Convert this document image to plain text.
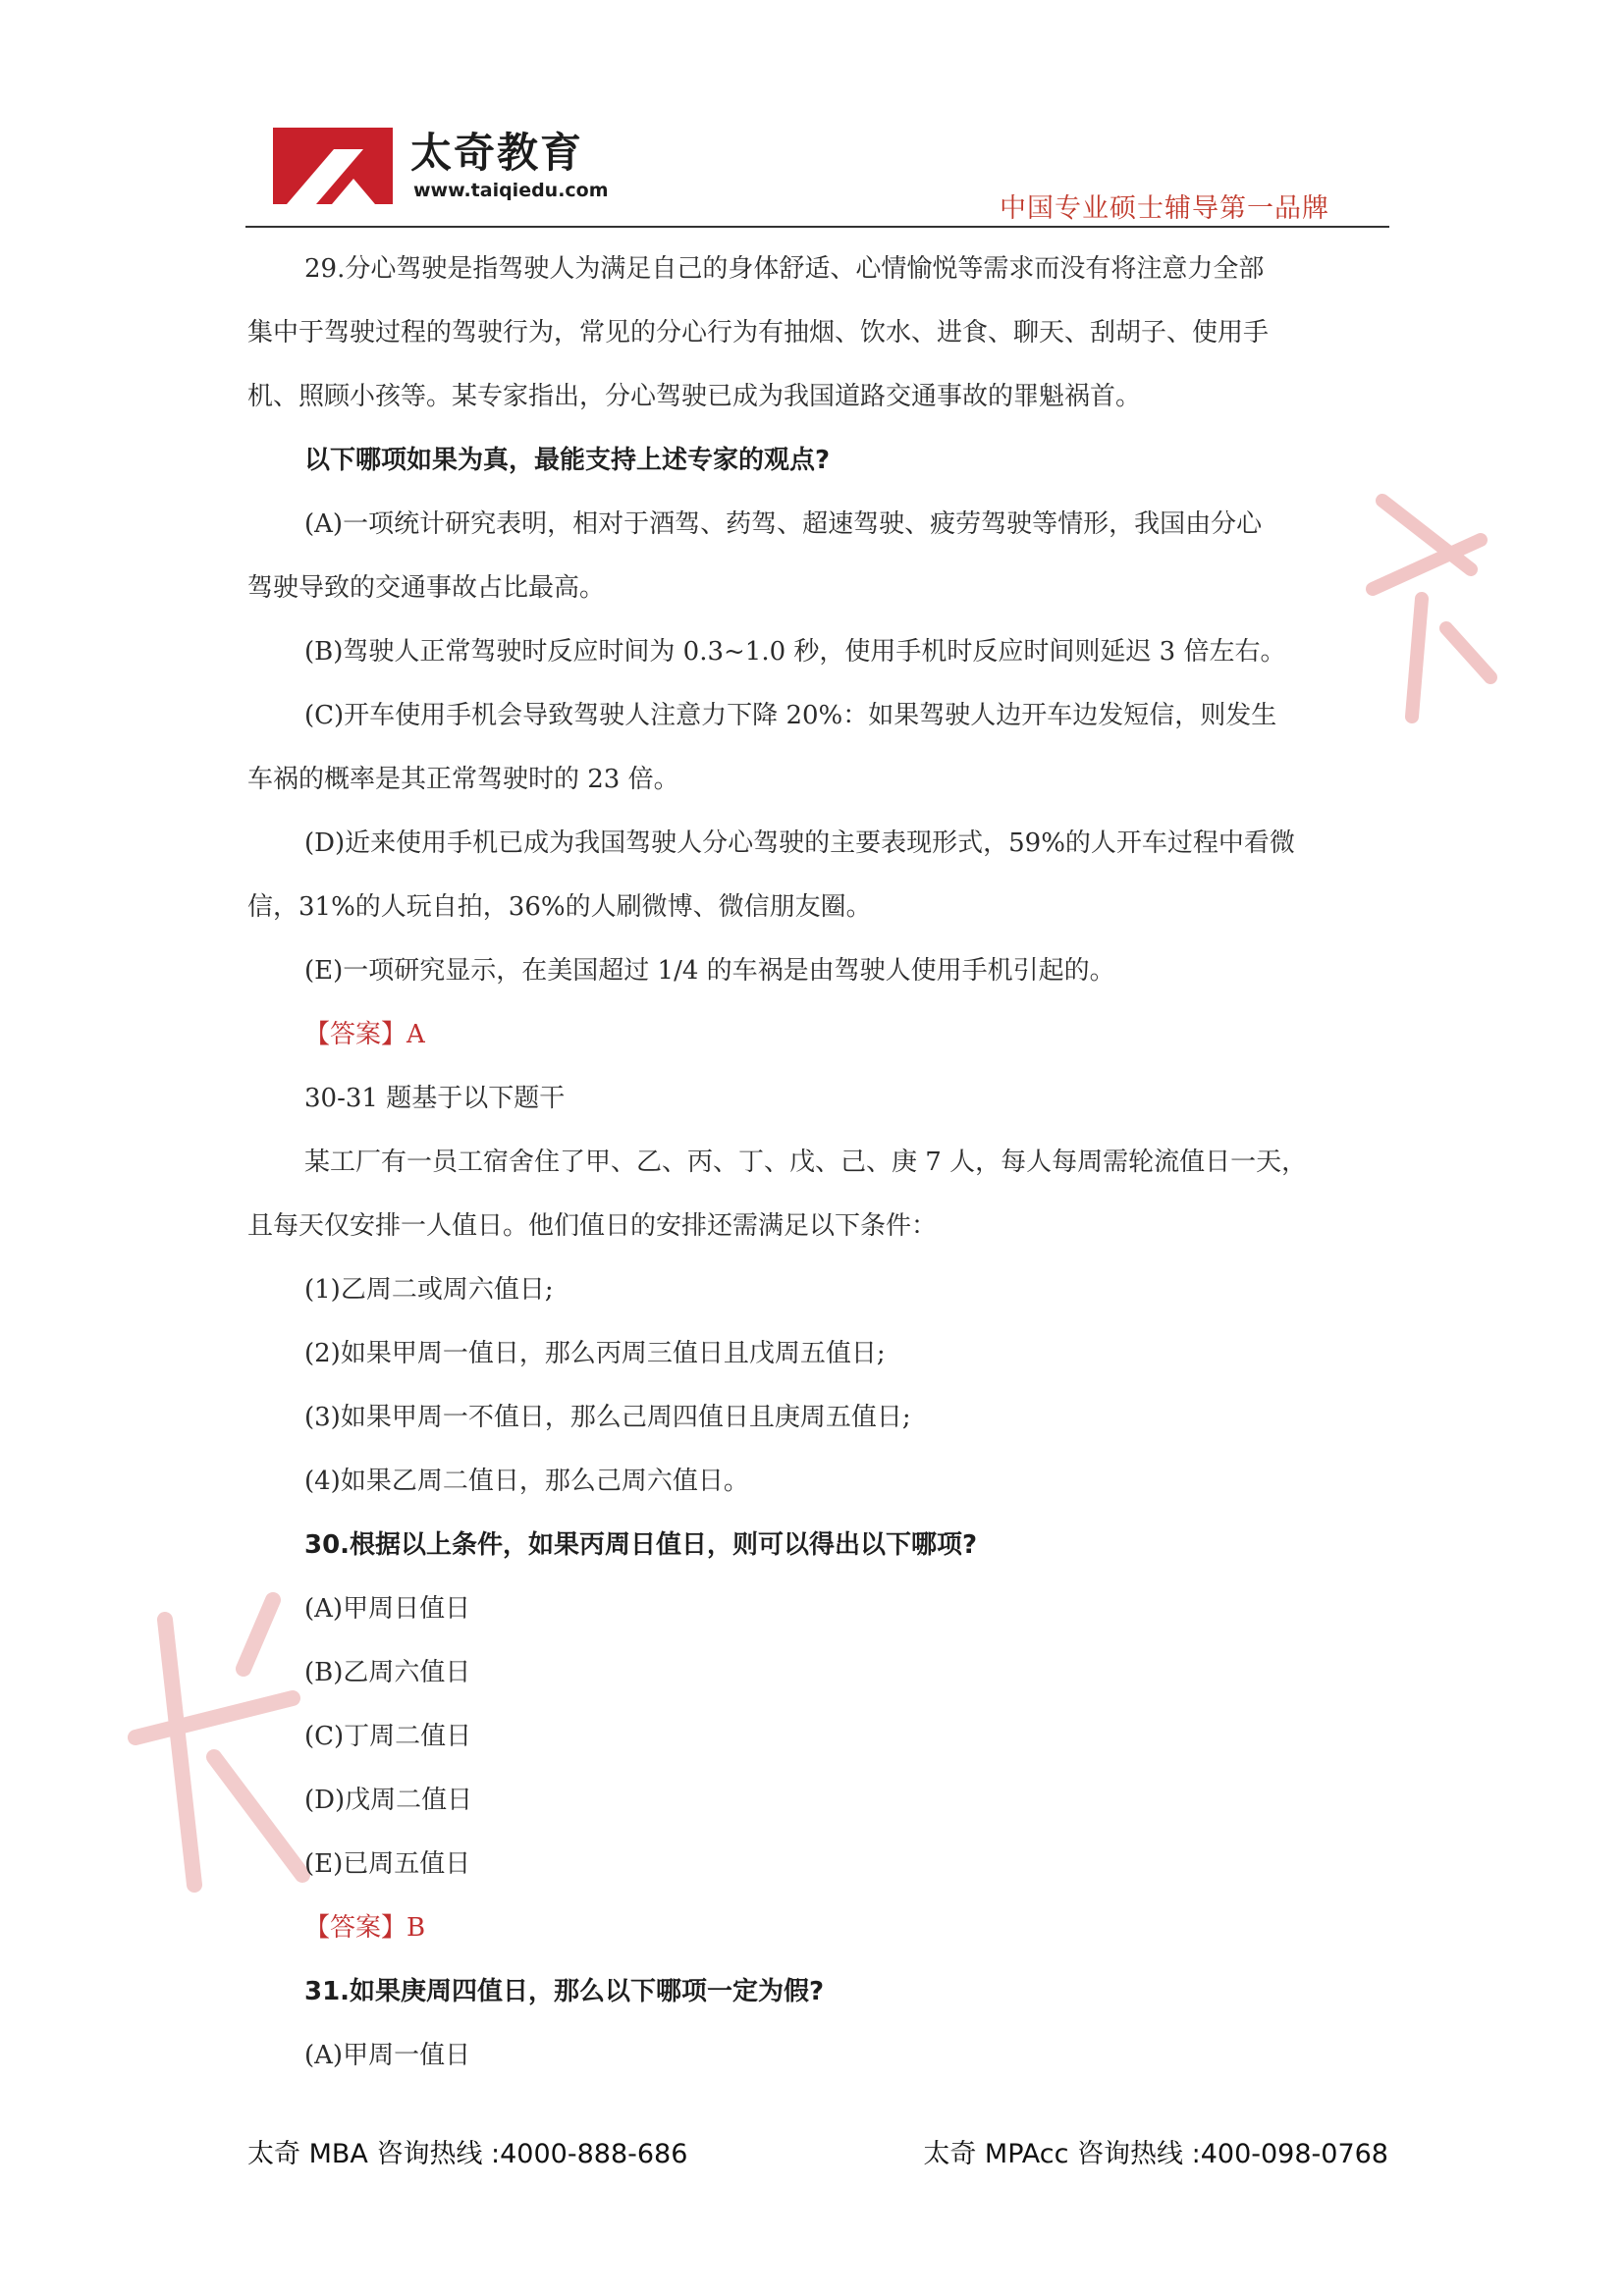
太奇教育
www.taiqiedu.com
中国专业硕士辅导第一品牌
29.分心驾驶是指驾驶人为满足自己的身体舒适、心情愉悦等需求而没有将注意力全部
集中于驾驶过程的驾驶行为，常见的分心行为有抽烟、饮水、进食、聊天、刮胡子、使用手
机、照顾小孩等。某专家指出，分心驾驶已成为我国道路交通事故的罪魁祸首。
以下哪项如果为真，最能支持上述专家的观点?
(A)一项统计研究表明，相对于酒驾、药驾、超速驾驶、疲劳驾驶等情形，我国由分心
驾驶导致的交通事故占比最高。
(B)驾驶人正常驾驶时反应时间为 0.3~1.0 秒，使用手机时反应时间则延迟 3 倍左右。
(C)开车使用手机会导致驾驶人注意力下降 20%：如果驾驶人边开车边发短信，则发生
车祸的概率是其正常驾驶时的 23 倍。
(D)近来使用手机已成为我国驾驶人分心驾驶的主要表现形式，59%的人开车过程中看微
信，31%的人玩自拍，36%的人刷微博、微信朋友圈。
(E)一项研究显示，在美国超过 1/4 的车祸是由驾驶人使用手机引起的。
【答案】A
30-31 题基于以下题干
某工厂有一员工宿舍住了甲、乙、丙、丁、戊、己、庚 7 人，每人每周需轮流值日一天，
且每天仅安排一人值日。他们值日的安排还需满足以下条件：
(1)乙周二或周六值日;
(2)如果甲周一值日，那么丙周三值日且戊周五值日;
(3)如果甲周一不值日，那么己周四值日且庚周五值日;
(4)如果乙周二值日，那么己周六值日。
30.根据以上条件，如果丙周日值日，则可以得出以下哪项?
(A)甲周日值日
(B)乙周六值日
(C)丁周二值日
(D)戊周二值日
(E)已周五值日
【答案】B
31.如果庚周四值日，那么以下哪项一定为假?
(A)甲周一值日
太奇 MBA 咨询热线 :4000-888-686	太奇 MPAcc 咨询热线 :400-098-0768
